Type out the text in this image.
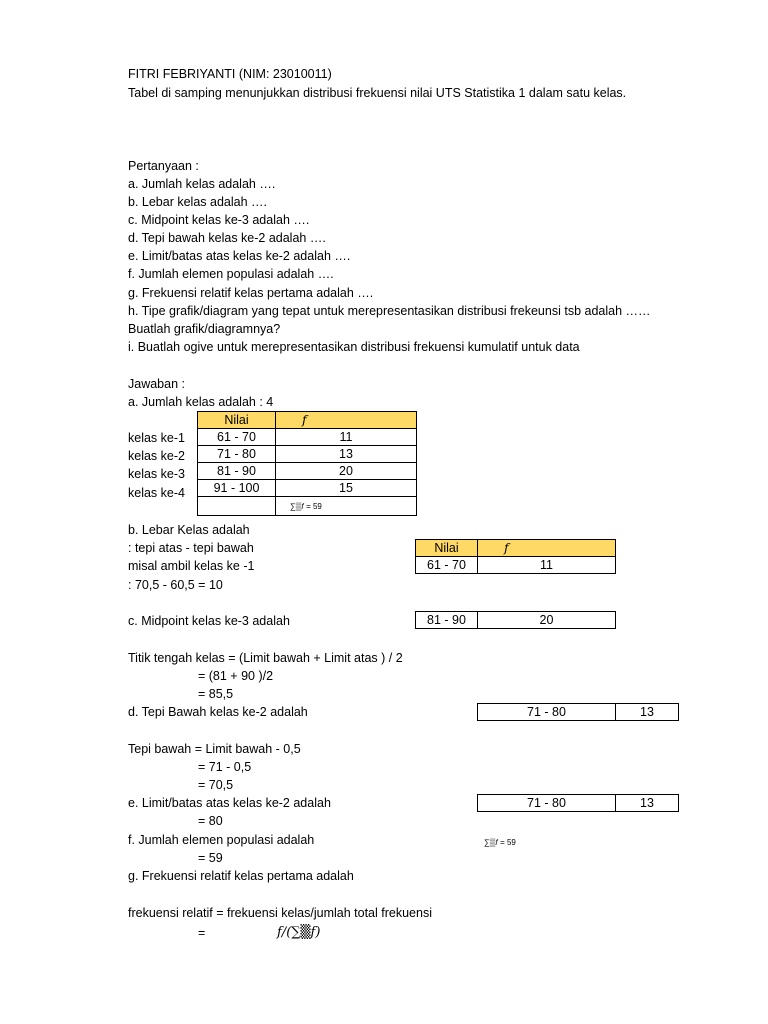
FITRI FEBRIYANTI (NIM: 23010011)
Tabel di samping menunjukkan distribusi frekuensi nilai UTS Statistika 1 dalam satu kelas.
Pertanyaan :
a. Jumlah kelas adalah ….
b. Lebar kelas adalah ….
c. Midpoint kelas ke-3 adalah ….
d. Tepi bawah kelas ke-2 adalah ….
e. Limit/batas atas kelas ke-2 adalah ….
f. Jumlah elemen populasi adalah ….
g. Frekuensi relatif kelas pertama adalah ….
h. Tipe grafik/diagram yang tepat untuk merepresentasikan distribusi frekeunsi tsb adalah ……
Buatlah grafik/diagramnya?
i. Buatlah ogive untuk merepresentasikan distribusi frekuensi kumulatif untuk data
Jawaban :
a. Jumlah kelas adalah : 4
kelas ke-1
kelas ke-2
kelas ke-3
kelas ke-4
Nilai	𝑓
61 - 70	11
71 - 80	13
81 - 90	20
91 - 100	15
	∑▒𝑓 = 59
b. Lebar Kelas adalah
: tepi atas - tepi bawah
misal ambil kelas ke -1
: 70,5 - 60,5 = 10
Nilai	𝑓
61 - 70	11
c. Midpoint kelas ke-3 adalah	81 - 90	20
Titik tengah kelas = (Limit bawah + Limit atas ) / 2
= (81 + 90 )/2
= 85,5
d. Tepi Bawah kelas ke-2 adalah	71 - 80	13
Tepi bawah = Limit bawah - 0,5
= 71 - 0,5
= 70,5
e. Limit/batas atas kelas ke-2 adalah	71 - 80	13
= 80
f. Jumlah elemen populasi adalah	∑▒𝑓 = 59
= 59
g. Frekuensi relatif kelas pertama adalah
frekuensi relatif = frekuensi kelas/jumlah total frekuensi
=	𝑓/(∑▒𝑓)
